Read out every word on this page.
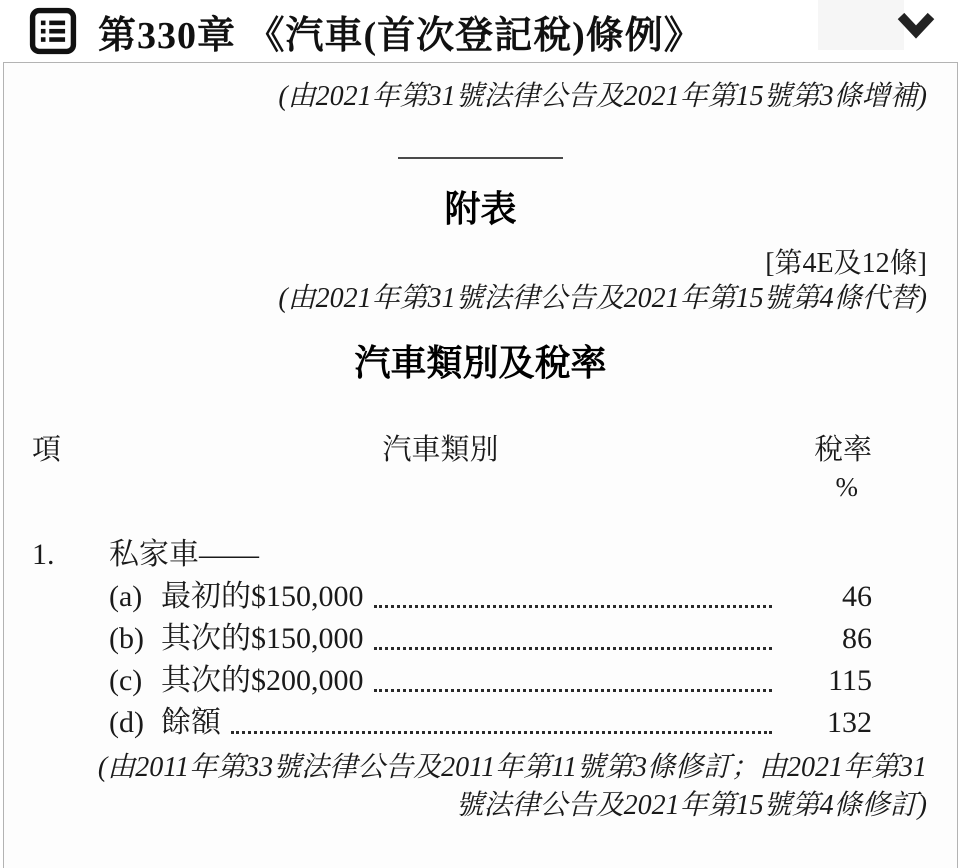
第330章 《汽車(首次登記稅)條例》
(由2021年第31號法律公告及2021年第15號第3條增補)
附表
[第4E及12條]
(由2021年第31號法律公告及2021年第15號第4條代替)
汽車類別及稅率
項	汽車類別	稅率
%
1.	私家車——
(a) 最初的$150,000	46
(b) 其次的$150,000	86
(c) 其次的$200,000	115
(d) 餘額	132
(由2011年第33號法律公告及2011年第11號第3條修訂；由2021年第31
號法律公告及2021年第15號第4條修訂)
